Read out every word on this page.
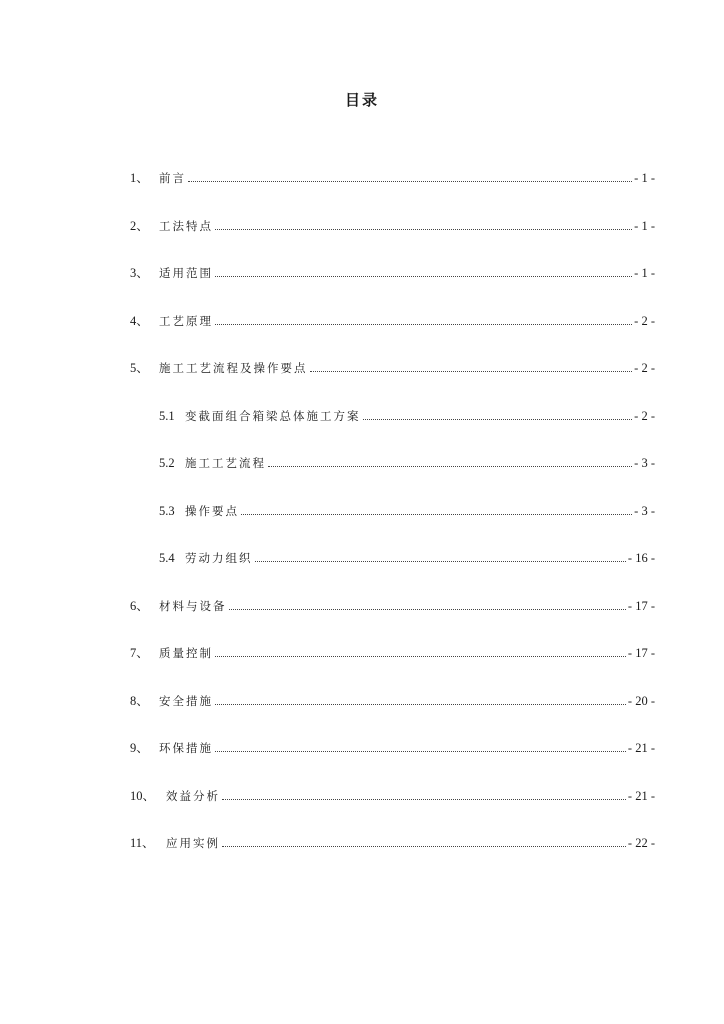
目录
1、 前言	- 1 -
2、 工法特点	- 1 -
3、 适用范围	- 1 -
4、 工艺原理	- 2 -
5、 施工工艺流程及操作要点	- 2 -
5.1 变截面组合箱梁总体施工方案	- 2 -
5.2 施工工艺流程	- 3 -
5.3 操作要点	- 3 -
5.4 劳动力组织	- 16 -
6、 材料与设备	- 17 -
7、 质量控制	- 17 -
8、 安全措施	- 20 -
9、 环保措施	- 21 -
10、 效益分析	- 21 -
11、 应用实例	- 22 -
